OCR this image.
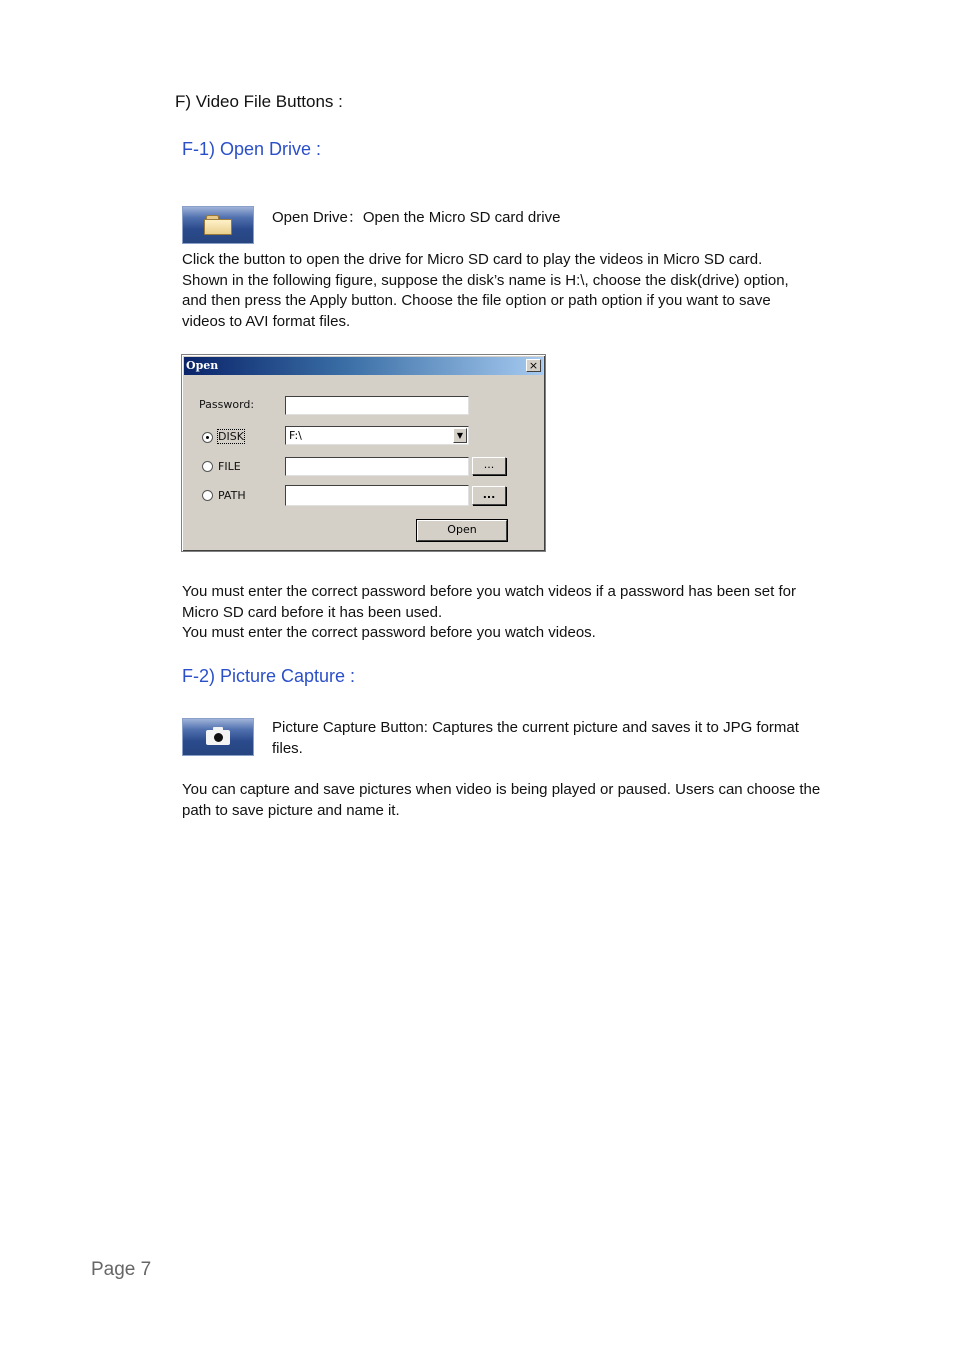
F) Video File Buttons :
F-1) Open Drive :
Open Drive：Open the Micro SD card drive
Click the button to open the drive for Micro SD card to play the videos in Micro SD card.
Shown in the following figure, suppose the disk’s name is H:\, choose the disk(drive) option,
and then press the Apply button. Choose the file option or path option if you want to save
videos to AVI format files.
Open	×
Password:
DISK	F:\	▼
FILE	...
PATH	...
Open
You must enter the correct password before you watch videos if a password has been set for
Micro SD card before it has been used.
You must enter the correct password before you watch videos.
F-2) Picture Capture :
Picture Capture Button: Captures the current picture and saves it to JPG format
files.
You can capture and save pictures when video is being played or paused. Users can choose the
path to save picture and name it.
Page 7
